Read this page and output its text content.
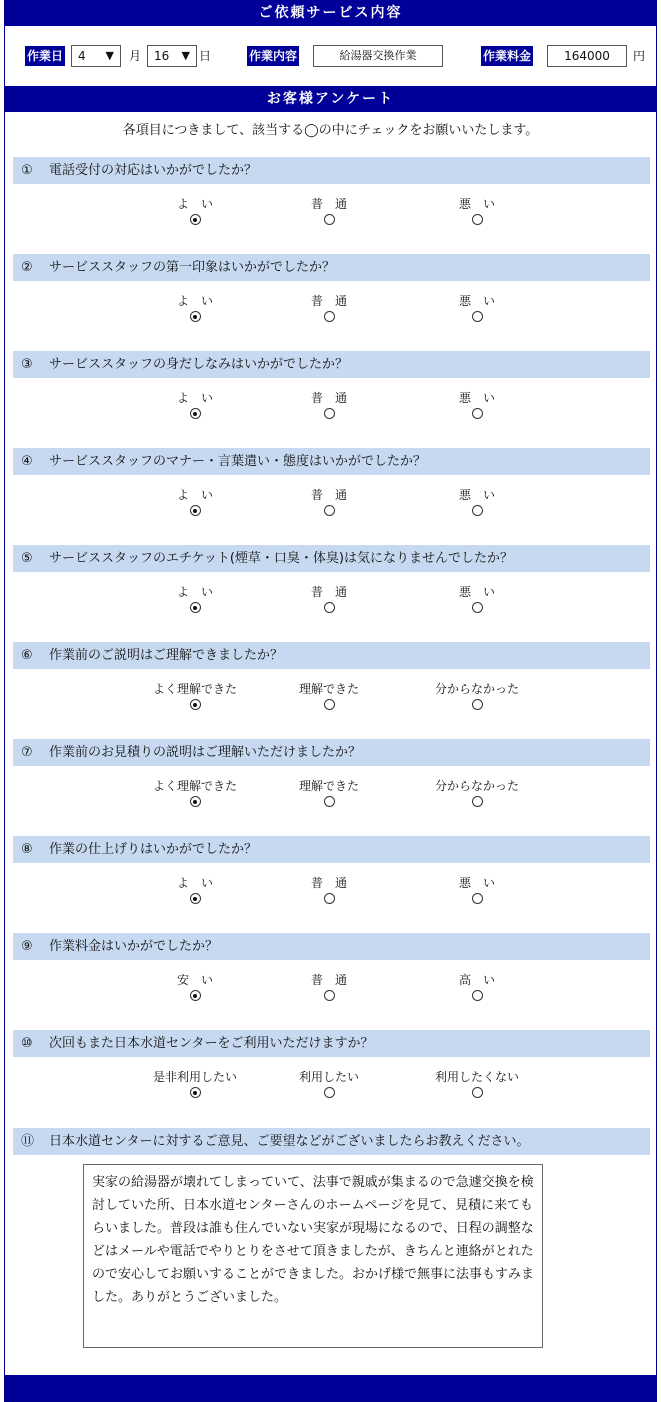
ご依頼サービス内容
作業日	4 ▼ 月	16 ▼ 日	作業内容	給湯器交換作業	作業料金	164000	円
お客様アンケート
各項目につきまして、該当する◯の中にチェックをお願いいたします。
① 電話受付の対応はいかがでしたか？
よ　い	普　通	悪　い
② サービススタッフの第一印象はいかがでしたか？
よ　い	普　通	悪　い
③ サービススタッフの身だしなみはいかがでしたか？
よ　い	普　通	悪　い
④ サービススタッフのマナー・言葉遣い・態度はいかがでしたか？
よ　い	普　通	悪　い
⑤ サービススタッフのエチケット(煙草・口臭・体臭)は気になりませんでしたか？
よ　い	普　通	悪　い
⑥ 作業前のご説明はご理解できましたか？
よく理解できた	理解できた	分からなかった
⑦ 作業前のお見積りの説明はご理解いただけましたか？
よく理解できた	理解できた	分からなかった
⑧ 作業の仕上げりはいかがでしたか？
よ　い	普　通	悪　い
⑨ 作業料金はいかがでしたか？
安　い	普　通	高　い
⑩ 次回もまた日本水道センターをご利用いただけますか？
是非利用したい	利用したい	利用したくない
⑪ 日本水道センターに対するご意見、ご要望などがございましたらお教えください。
実家の給湯器が壊れてしまっていて、法事で親戚が集まるので急遽交換を検討していた所、日本水道センターさんのホームページを見て、見積に来てもらいました。普段は誰も住んでいない実家が現場になるので、日程の調整などはメールや電話でやりとりをさせて頂きましたが、きちんと連絡がとれたので安心してお願いすることができました。おかげ様で無事に法事もすみました。ありがとうございました。
